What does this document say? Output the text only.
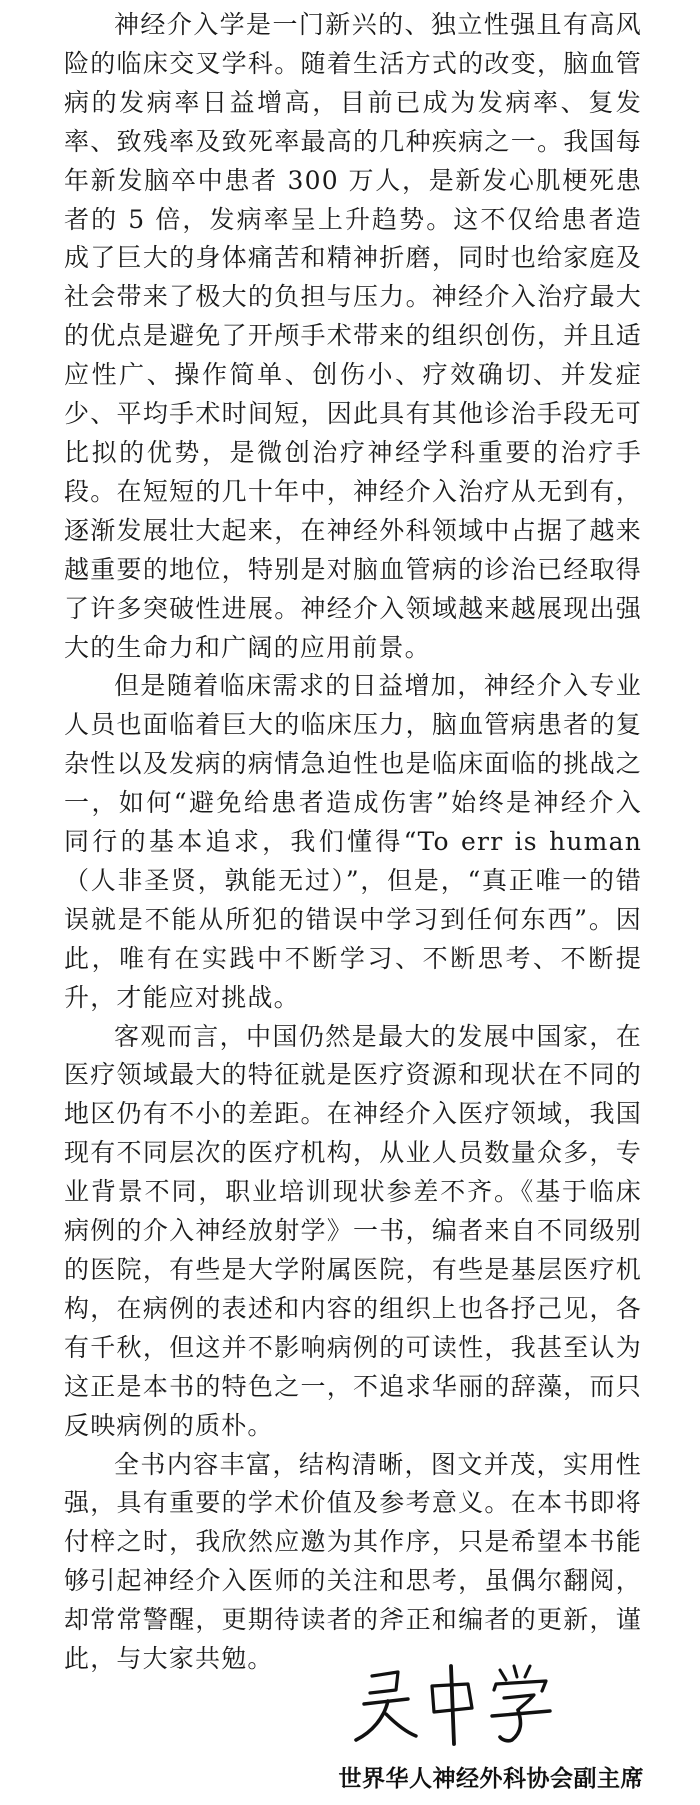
神经介入学是一门新兴的、独立性强且有高风险的临床交叉学科。随着生活方式的改变，脑血管病的发病率日益增高，目前已成为发病率、复发率、致残率及致死率最高的几种疾病之一。我国每年新发脑卒中患者 300 万人，是新发心肌梗死患者的 5 倍，发病率呈上升趋势。这不仅给患者造成了巨大的身体痛苦和精神折磨，同时也给家庭及社会带来了极大的负担与压力。神经介入治疗最大的优点是避免了开颅手术带来的组织创伤，并且适应性广、操作简单、创伤小、疗效确切、并发症少、平均手术时间短，因此具有其他诊治手段无可比拟的优势，是微创治疗神经学科重要的治疗手段。在短短的几十年中，神经介入治疗从无到有，逐渐发展壮大起来，在神经外科领域中占据了越来越重要的地位，特别是对脑血管病的诊治已经取得了许多突破性进展。神经介入领域越来越展现出强大的生命力和广阔的应用前景。

但是随着临床需求的日益增加，神经介入专业人员也面临着巨大的临床压力，脑血管病患者的复杂性以及发病的病情急迫性也是临床面临的挑战之一，如何“避免给患者造成伤害”始终是神经介入同行的基本追求，我们懂得“To err is human（人非圣贤，孰能无过）”，但是，“真正唯一的错误就是不能从所犯的错误中学习到任何东西”。因此，唯有在实践中不断学习、不断思考、不断提升，才能应对挑战。

客观而言，中国仍然是最大的发展中国家，在医疗领域最大的特征就是医疗资源和现状在不同的地区仍有不小的差距。在神经介入医疗领域，我国现有不同层次的医疗机构，从业人员数量众多，专业背景不同，职业培训现状参差不齐。《基于临床病例的介入神经放射学》一书，编者来自不同级别的医院，有些是大学附属医院，有些是基层医疗机构，在病例的表述和内容的组织上也各抒己见，各有千秋，但这并不影响病例的可读性，我甚至认为这正是本书的特色之一，不追求华丽的辞藻，而只反映病例的质朴。

全书内容丰富，结构清晰，图文并茂，实用性强，具有重要的学术价值及参考意义。在本书即将付梓之时，我欣然应邀为其作序，只是希望本书能够引起神经介入医师的关注和思考，虽偶尔翻阅，却常常警醒，更期待读者的斧正和编者的更新，谨此，与大家共勉。

世界华人神经外科协会副主席
